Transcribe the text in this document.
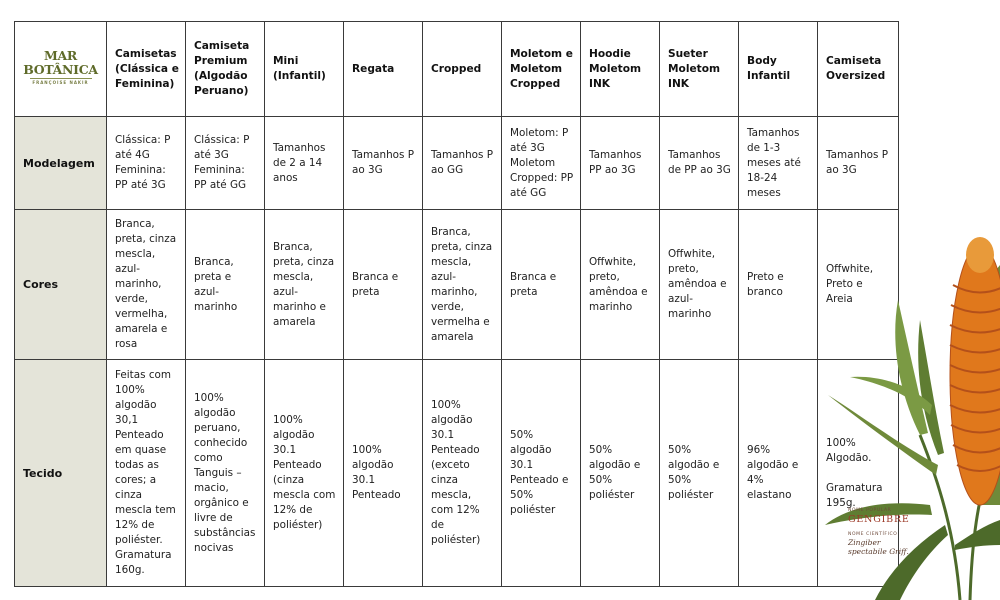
MAR BOTÂNICA
FRANÇOISE NAKIR	Camisetas (Clássica e Feminina)	Camiseta Premium (Algodão Peruano)	Mini (Infantil)	Regata	Cropped	Moletom e Moletom Cropped	Hoodie Moletom INK	Sueter Moletom INK	Body Infantil	Camiseta Oversized
Modelagem	Clássica: P até 4G Feminina: PP até 3G	Clássica: P até 3G Feminina: PP até GG	Tamanhos de 2 a 14 anos	Tamanhos P ao 3G	Tamanhos P ao GG	Moletom: P até 3G Moletom Cropped: PP até GG	Tamanhos PP ao 3G	Tamanhos de PP ao 3G	Tamanhos de 1-3 meses até 18-24 meses	Tamanhos P ao 3G
Cores	Branca, preta, cinza mescla, azul-marinho, verde, vermelha, amarela e rosa	Branca, preta e azul-marinho	Branca, preta, cinza mescla, azul-marinho e amarela	Branca e preta	Branca, preta, cinza mescla, azul-marinho, verde, vermelha e amarela	Branca e preta	Offwhite, preto, amêndoa e marinho	Offwhite, preto, amêndoa e azul-marinho	Preto e branco	Offwhite, Preto e Areia
Tecido	Feitas com 100% algodão 30,1 Penteado em quase todas as cores; a cinza mescla tem 12% de poliéster. Gramatura 160g.	100% algodão peruano, conhecido como Tanguis – macio, orgânico e livre de substâncias nocivas	100% algodão 30.1 Penteado (cinza mescla com 12% de poliéster)	100% algodão 30.1 Penteado	100% algodão 30.1 Penteado (exceto cinza mescla, com 12% de poliéster)	50% algodão 30.1 Penteado e 50% poliéster	50% algodão e 50% poliéster	50% algodão e 50% poliéster	96% algodão e 4% elastano	100% Algodão.

Gramatura 195g.
NOME POPULAR
GENGIBRE
NOME CIENTÍFICO
Zingiber spectabile Griff.
